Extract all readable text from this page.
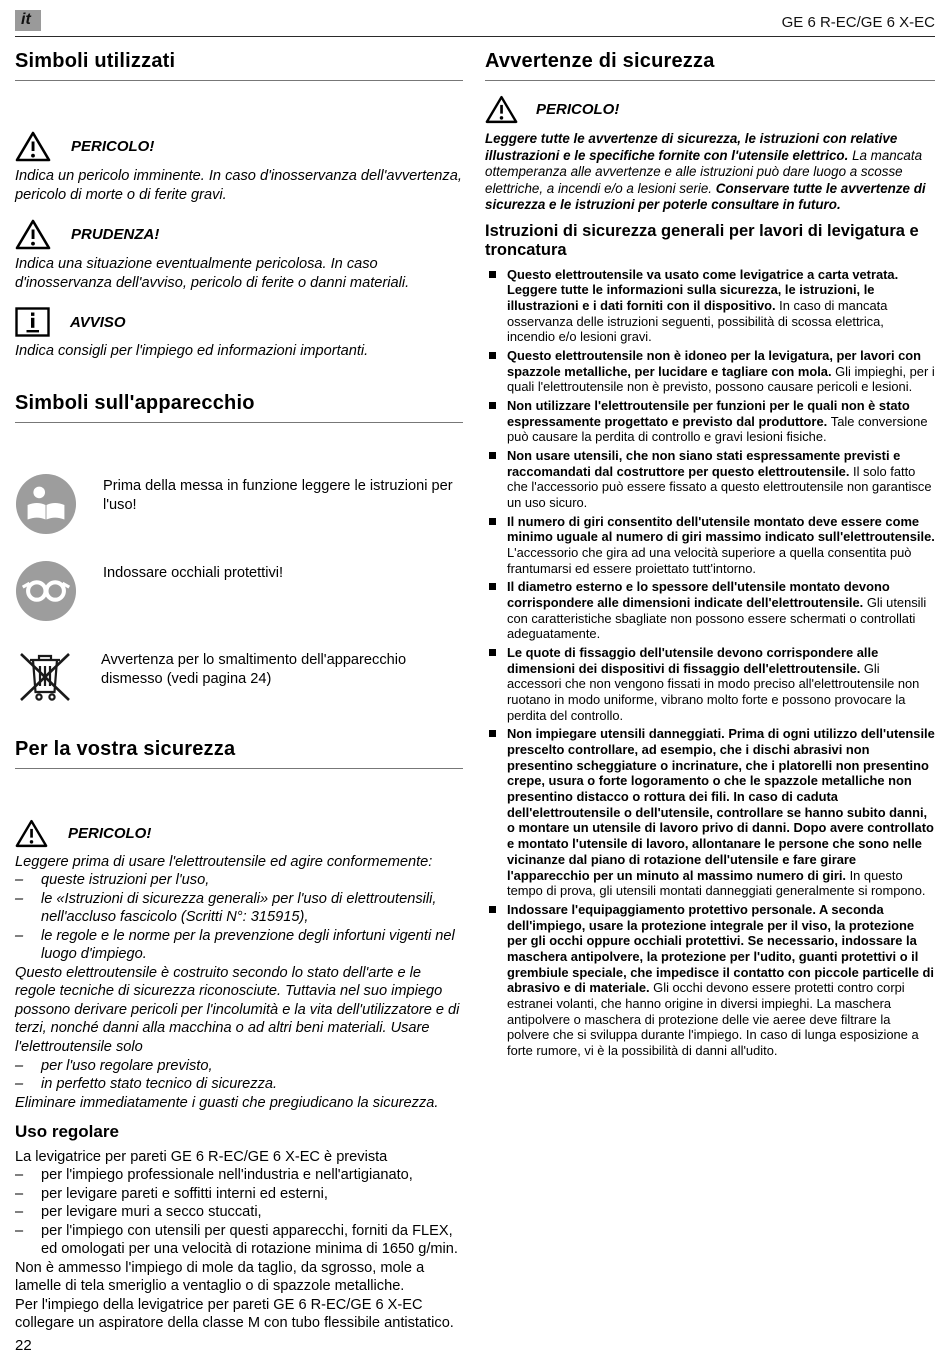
it	GE 6 R-EC/GE 6 X-EC
Simboli utilizzati
PERICOLO!

Indica un pericolo imminente. In caso d'inosservanza dell'avvertenza, pericolo di morte o di ferite gravi.

PRUDENZA!

Indica una situazione eventualmente pericolosa. In caso d'inosservanza dell'avviso, pericolo di ferite o danni materiali.

AVVISO

Indica consigli per l'impiego ed informazioni importanti.

Simboli sull'apparecchio

Prima della messa in funzione leggere le istruzioni per l'uso!

Indossare occhiali protettivi!

Avvertenza per lo smaltimento dell'apparecchio dismesso (vedi pagina 24)

Per la vostra sicurezza
PERICOLO!

Leggere prima di usare l'elettroutensile ed agire conformemente:

–	queste istruzioni per l'uso,
–	le «Istruzioni di sicurezza generali» per l'uso di elettroutensili, nell'accluso fascicolo (Scritti N°: 315915),
–	le regole e le norme per la prevenzione degli infortuni vigenti nel luogo d'impiego.

Questo elettroutensile è costruito secondo lo stato dell'arte e le regole tecniche di sicurezza riconosciute. Tuttavia nel suo impiego possono derivare pericoli per l'incolumità e la vita dell'utilizzatore e di terzi, nonché danni alla macchina o ad altri beni materiali. Usare l'elettroutensile solo

–	per l'uso regolare previsto,
–	in perfetto stato tecnico di sicurezza.

Eliminare immediatamente i guasti che pregiudicano la sicurezza.

Uso regolare

La levigatrice per pareti GE 6 R-EC/GE 6 X-EC è prevista

–	per l'impiego professionale nell'industria e nell'artigianato,
–	per levigare pareti e soffitti interni ed esterni,
–	per levigare muri a secco stuccati,
–	per l'impiego con utensili per questi apparecchi, forniti da FLEX, ed omologati per una velocità di rotazione minima di 1650 g/min.

Non è ammesso l'impiego di mole da taglio, da sgrosso, mole a lamelle di tela smeriglio a ventaglio o di spazzole metalliche.

Per l'impiego della levigatrice per pareti GE 6 R-EC/GE 6 X-EC collegare un aspiratore della classe M con tubo flessibile antistatico.

Avvertenze di sicurezza
PERICOLO!

Leggere tutte le avvertenze di sicurezza, le istruzioni con relative illustrazioni e le specifiche fornite con l'utensile elettrico. La mancata ottemperanza alle avvertenze e alle istruzioni può dare luogo a scosse elettriche, a incendi e/o a lesioni serie. Conservare tutte le avvertenze di sicurezza e le istruzioni per poterle consultare in futuro.

Istruzioni di sicurezza generali per lavori di levigatura e troncatura
Questo elettroutensile va usato come levigatrice a carta vetrata. Leggere tutte le informazioni sulla sicurezza, le istruzioni, le illustrazioni e i dati forniti con il dispositivo. In caso di mancata osservanza delle istruzioni seguenti, possibilità di scossa elettrica, incendio e/o lesioni gravi.
Questo elettroutensile non è idoneo per la levigatura, per lavori con spazzole metalliche, per lucidare e tagliare con mola. Gli impieghi, per i quali l'elettroutensile non è previsto, possono causare pericoli e lesioni.
Non utilizzare l'elettroutensile per funzioni per le quali non è stato espressamente progettato e previsto dal produttore. Tale conversione può causare la perdita di controllo e gravi lesioni fisiche.
Non usare utensili, che non siano stati espressamente previsti e raccomandati dal costruttore per questo elettroutensile. Il solo fatto che l'accessorio può essere fissato a questo elettroutensile non garantisce un uso sicuro.
Il numero di giri consentito dell'utensile montato deve essere come minimo uguale al numero di giri massimo indicato sull'elettroutensile. L'accessorio che gira ad una velocità superiore a quella consentita può frantumarsi ed essere proiettato tutt'intorno.
Il diametro esterno e lo spessore dell'utensile montato devono corrispondere alle dimensioni indicate dell'elettroutensile. Gli utensili con caratteristiche sbagliate non possono essere schermati o controllati adeguatamente.
Le quote di fissaggio dell'utensile devono corrispondere alle dimensioni dei dispositivi di fissaggio dell'elettroutensile. Gli accessori che non vengono fissati in modo preciso all'elettroutensile non ruotano in modo uniforme, vibrano molto forte e possono provocare la perdita del controllo.
Non impiegare utensili danneggiati. Prima di ogni utilizzo dell'utensile prescelto controllare, ad esempio, che i dischi abrasivi non presentino scheggiature o incrinature, che i platorelli non presentino crepe, usura o forte logoramento o che le spazzole metalliche non presentino distacco o rottura dei fili. In caso di caduta dell'elettroutensile o dell'utensile, controllare se hanno subito danni, o montare un utensile di lavoro privo di danni. Dopo avere controllato e montato l'utensile di lavoro, allontanare le persone che sono nelle vicinanze dal piano di rotazione dell'utensile e fare girare l'apparecchio per un minuto al massimo numero di giri. In questo tempo di prova, gli utensili montati danneggiati generalmente si rompono.
Indossare l'equipaggiamento protettivo personale. A seconda dell'impiego, usare la protezione integrale per il viso, la protezione per gli occhi oppure occhiali protettivi. Se necessario, indossare la maschera antipolvere, la protezione per l'udito, guanti protettivi o il grembiule speciale, che impedisce il contatto con piccole particelle di abrasivo e di materiale. Gli occhi devono essere protetti contro corpi estranei volanti, che hanno origine in diversi impieghi. La maschera antipolvere o maschera di protezione delle vie aeree deve filtrare la polvere che si sviluppa durante l'impiego. In caso di lunga esposizione a forte rumore, vi è la possibilità di danni all'udito.
22
